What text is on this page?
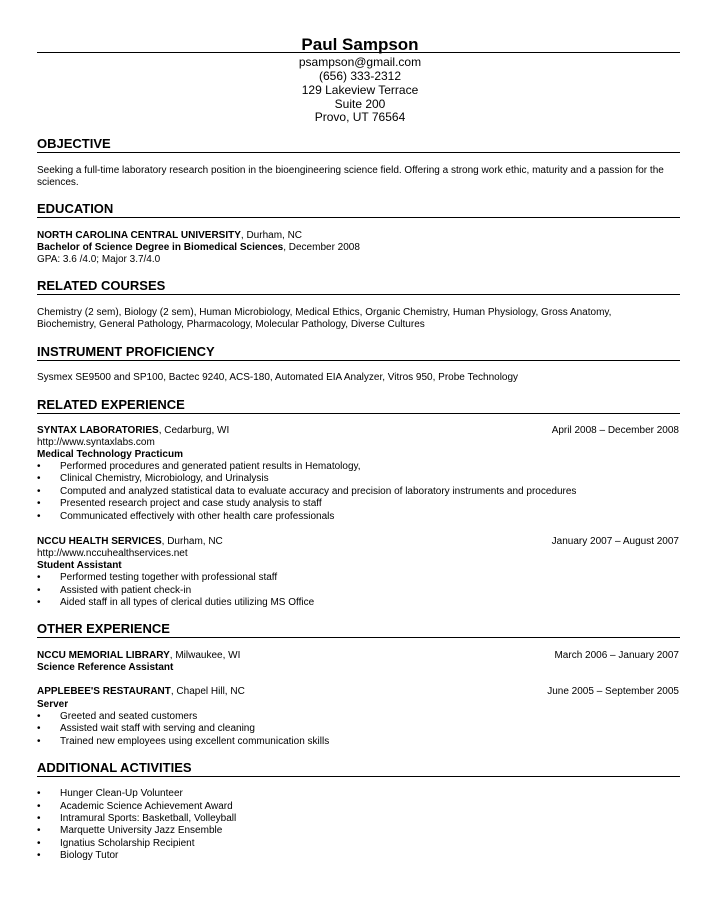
Paul Sampson
psampson@gmail.com
(656) 333-2312
129 Lakeview Terrace
Suite 200
Provo, UT 76564
OBJECTIVE
Seeking a full-time laboratory research position in the bioengineering science field. Offering a strong work ethic, maturity and a passion for the sciences.
EDUCATION
NORTH CAROLINA CENTRAL UNIVERSITY, Durham, NC
Bachelor of Science Degree in Biomedical Sciences, December 2008
GPA: 3.6 /4.0; Major 3.7/4.0
RELATED COURSES
Chemistry (2 sem), Biology (2 sem), Human Microbiology, Medical Ethics, Organic Chemistry, Human Physiology, Gross Anatomy,
Biochemistry, General Pathology, Pharmacology, Molecular Pathology, Diverse Cultures
INSTRUMENT PROFICIENCY
Sysmex SE9500 and SP100, Bactec 9240, ACS-180, Automated EIA Analyzer, Vitros 950, Probe Technology
RELATED EXPERIENCE
SYNTAX LABORATORIES, Cedarburg, WI	April 2008 – December 2008
http://www.syntaxlabs.com
Medical Technology Practicum
• Performed procedures and generated patient results in Hematology,
• Clinical Chemistry, Microbiology, and Urinalysis
• Computed and analyzed statistical data to evaluate accuracy and precision of laboratory instruments and procedures
• Presented research project and case study analysis to staff
• Communicated effectively with other health care professionals
NCCU HEALTH SERVICES, Durham, NC	January 2007 – August 2007
http://www.nccuhealthservices.net
Student Assistant
• Performed testing together with professional staff
• Assisted with patient check-in
• Aided staff in all types of clerical duties utilizing MS Office
OTHER EXPERIENCE
NCCU MEMORIAL LIBRARY, Milwaukee, WI	March 2006 – January 2007
Science Reference Assistant
APPLEBEE'S RESTAURANT, Chapel Hill, NC	June 2005 – September 2005
Server
• Greeted and seated customers
• Assisted wait staff with serving and cleaning
• Trained new employees using excellent communication skills
ADDITIONAL ACTIVITIES
• Hunger Clean-Up Volunteer
• Academic Science Achievement Award
• Intramural Sports: Basketball, Volleyball
• Marquette University Jazz Ensemble
• Ignatius Scholarship Recipient
• Biology Tutor
